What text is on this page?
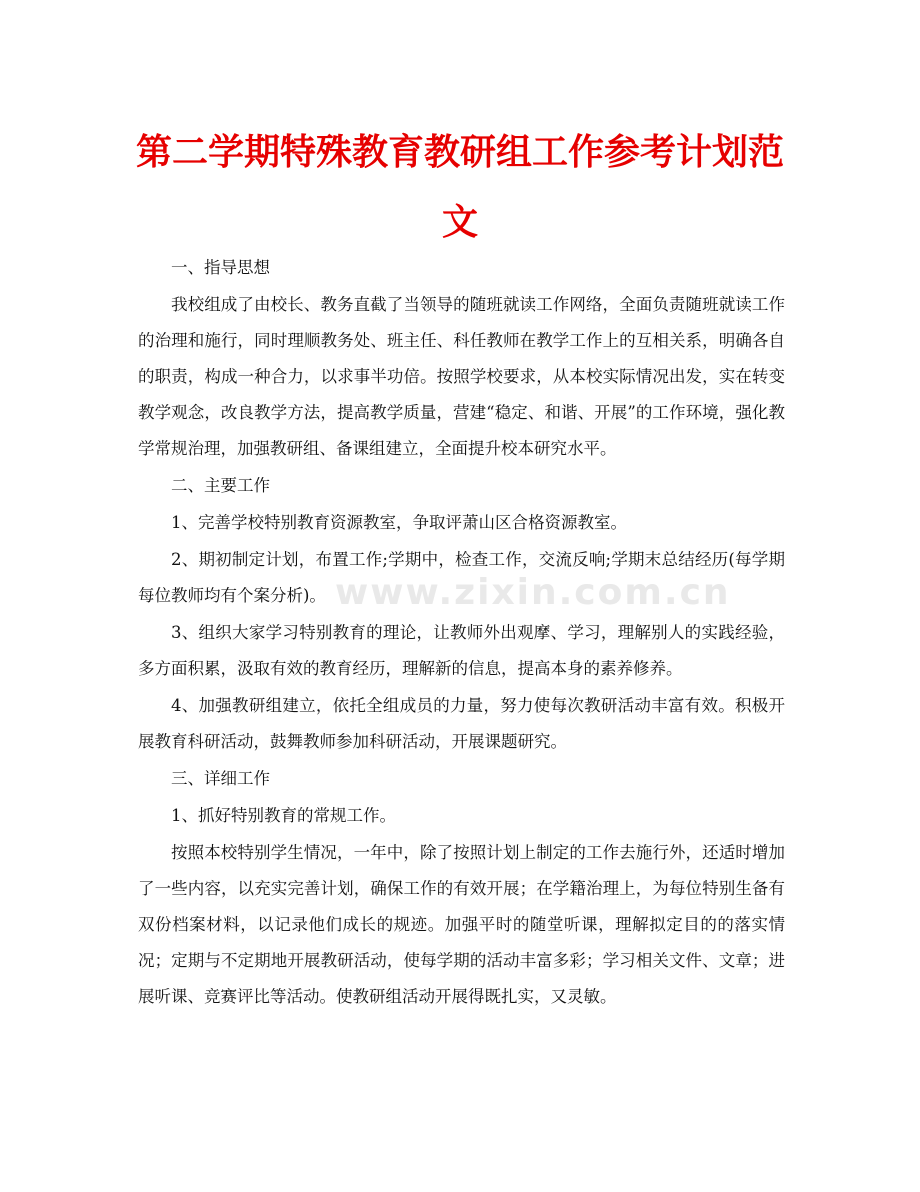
www.zixin.com.cn
第二学期特殊教育教研组工作参考计划范文

一、指导思想

我校组成了由校长、教务直截了当领导的随班就读工作网络，全面负责随班就读工作的治理和施行，同时理顺教务处、班主任、科任教师在教学工作上的互相关系，明确各自的职责，构成一种合力，以求事半功倍。按照学校要求，从本校实际情况出发，实在转变教学观念，改良教学方法，提高教学质量，营建“稳定、和谐、开展”的工作环境，强化教学常规治理，加强教研组、备课组建立，全面提升校本研究水平。

二、主要工作

1、完善学校特别教育资源教室，争取评萧山区合格资源教室。

2、期初制定计划，布置工作;学期中，检查工作，交流反响;学期末总结经历(每学期每位教师均有个案分析)。

3、组织大家学习特别教育的理论，让教师外出观摩、学习，理解别人的实践经验，多方面积累，汲取有效的教育经历，理解新的信息，提高本身的素养修养。

4、加强教研组建立，依托全组成员的力量，努力使每次教研活动丰富有效。积极开展教育科研活动，鼓舞教师参加科研活动，开展课题研究。

三、详细工作

1、抓好特别教育的常规工作。

按照本校特别学生情况，一年中，除了按照计划上制定的工作去施行外，还适时增加了一些内容，以充实完善计划，确保工作的有效开展；在学籍治理上，为每位特别生备有双份档案材料，以记录他们成长的规迹。加强平时的随堂听课，理解拟定目的的落实情况；定期与不定期地开展教研活动，使每学期的活动丰富多彩；学习相关文件、文章；进展听课、竞赛评比等活动。使教研组活动开展得既扎实，又灵敏。
